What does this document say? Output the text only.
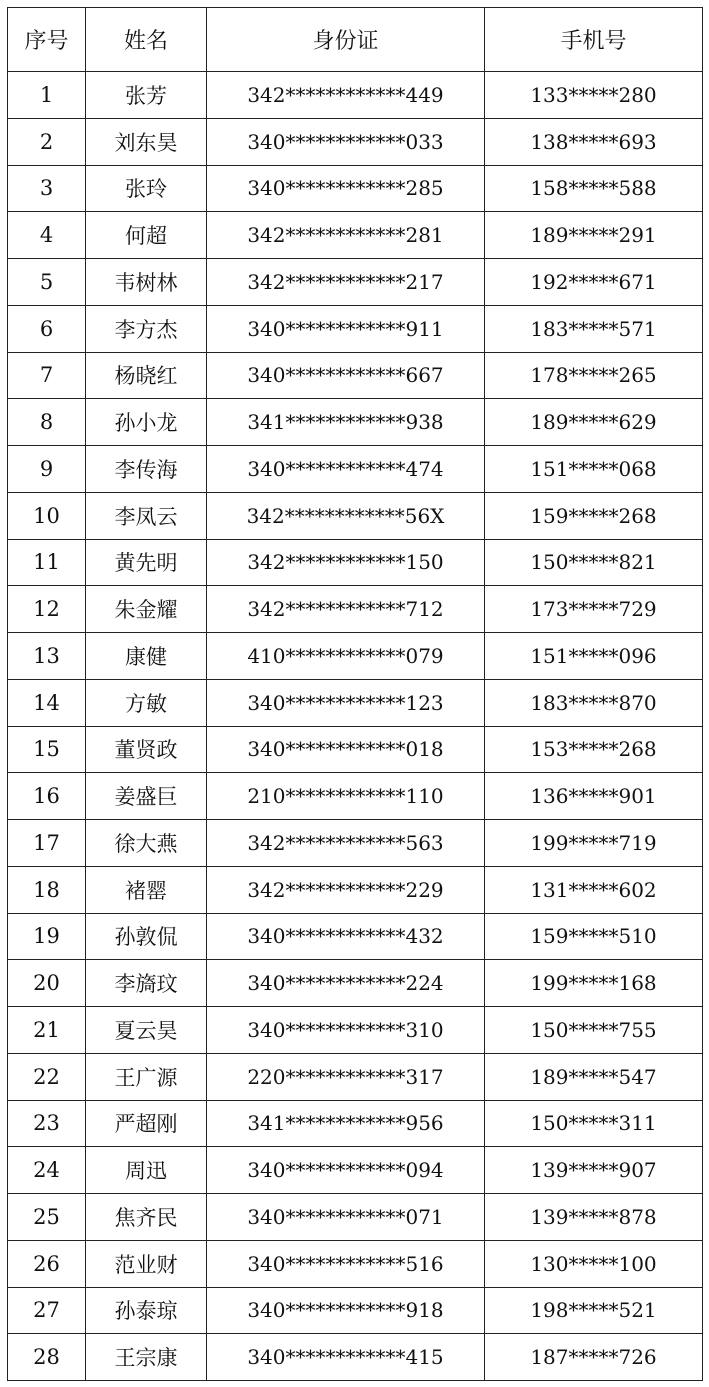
序号	姓名	身份证	手机号
1	张芳	342************449	133*****280
2	刘东昊	340************033	138*****693
3	张玲	340************285	158*****588
4	何超	342************281	189*****291
5	韦树林	342************217	192*****671
6	李方杰	340************911	183*****571
7	杨晓红	340************667	178*****265
8	孙小龙	341************938	189*****629
9	李传海	340************474	151*****068
10	李凤云	342************56X	159*****268
11	黄先明	342************150	150*****821
12	朱金耀	342************712	173*****729
13	康健	410************079	151*****096
14	方敏	340************123	183*****870
15	董贤政	340************018	153*****268
16	姜盛巨	210************110	136*****901
17	徐大燕	342************563	199*****719
18	褚罂	342************229	131*****602
19	孙敦侃	340************432	159*****510
20	李旖玟	340************224	199*****168
21	夏云昊	340************310	150*****755
22	王广源	220************317	189*****547
23	严超刚	341************956	150*****311
24	周迅	340************094	139*****907
25	焦齐民	340************071	139*****878
26	范业财	340************516	130*****100
27	孙泰琼	340************918	198*****521
28	王宗康	340************415	187*****726
